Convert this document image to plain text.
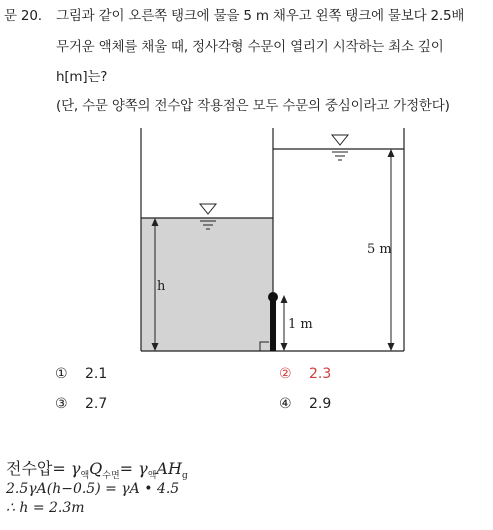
문 20. 그림과 같이 오른쪽 탱크에 물을 5 m 채우고 왼쪽 탱크에 물보다 2.5배
무거운 액체를 채울 때, 정사각형 수문이 열리기 시작하는 최소 깊이
h[m]는?
(단, 수문 양쪽의 전수압 작용점은 모두 수문의 중심이라고 가정한다)
h
5 m
1 m
① 2.1	② 2.3
③ 2.7	④ 2.9
전수압= $\gamma_액Q_{수면}= \gamma_액AH_g$
2.5γA(h−0.5) = γA • 4.5
∴ h = 2.3m
